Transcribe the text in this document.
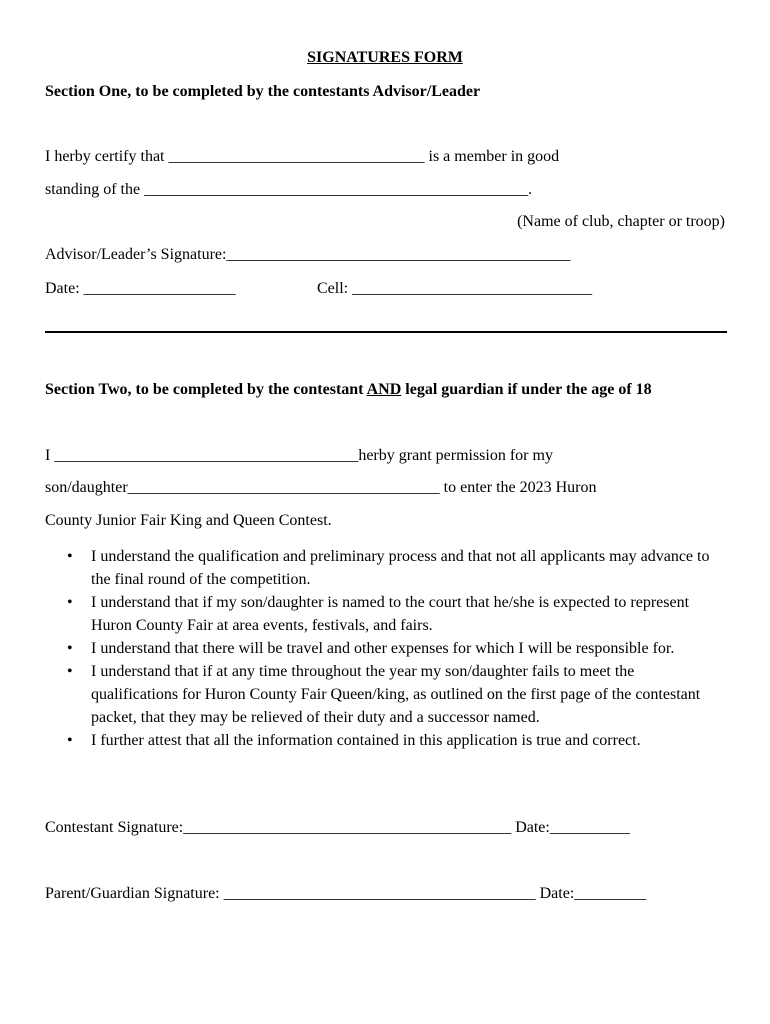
SIGNATURES FORM
Section One, to be completed by the contestants Advisor/Leader
I herby certify that ________________________________ is a member in good
standing of the ________________________________________________.
(Name of club, chapter or troop)
Advisor/Leader’s Signature:___________________________________________
Date: ___________________	Cell: ______________________________
Section Two, to be completed by the contestant AND legal guardian if under the age of 18
I ______________________________________herby grant permission for my
son/daughter_______________________________________ to enter the 2023 Huron
County Junior Fair King and Queen Contest.
• I understand the qualification and preliminary process and that not all applicants may advance to the final round of the competition.
• I understand that if my son/daughter is named to the court that he/she is expected to represent Huron County Fair at area events, festivals, and fairs.
• I understand that there will be travel and other expenses for which I will be responsible for.
• I understand that if at any time throughout the year my son/daughter fails to meet the qualifications for Huron County Fair Queen/king, as outlined on the first page of the contestant packet, that they may be relieved of their duty and a successor named.
• I further attest that all the information contained in this application is true and correct.
Contestant Signature:_________________________________________ Date:__________
Parent/Guardian Signature: _______________________________________ Date:_________
